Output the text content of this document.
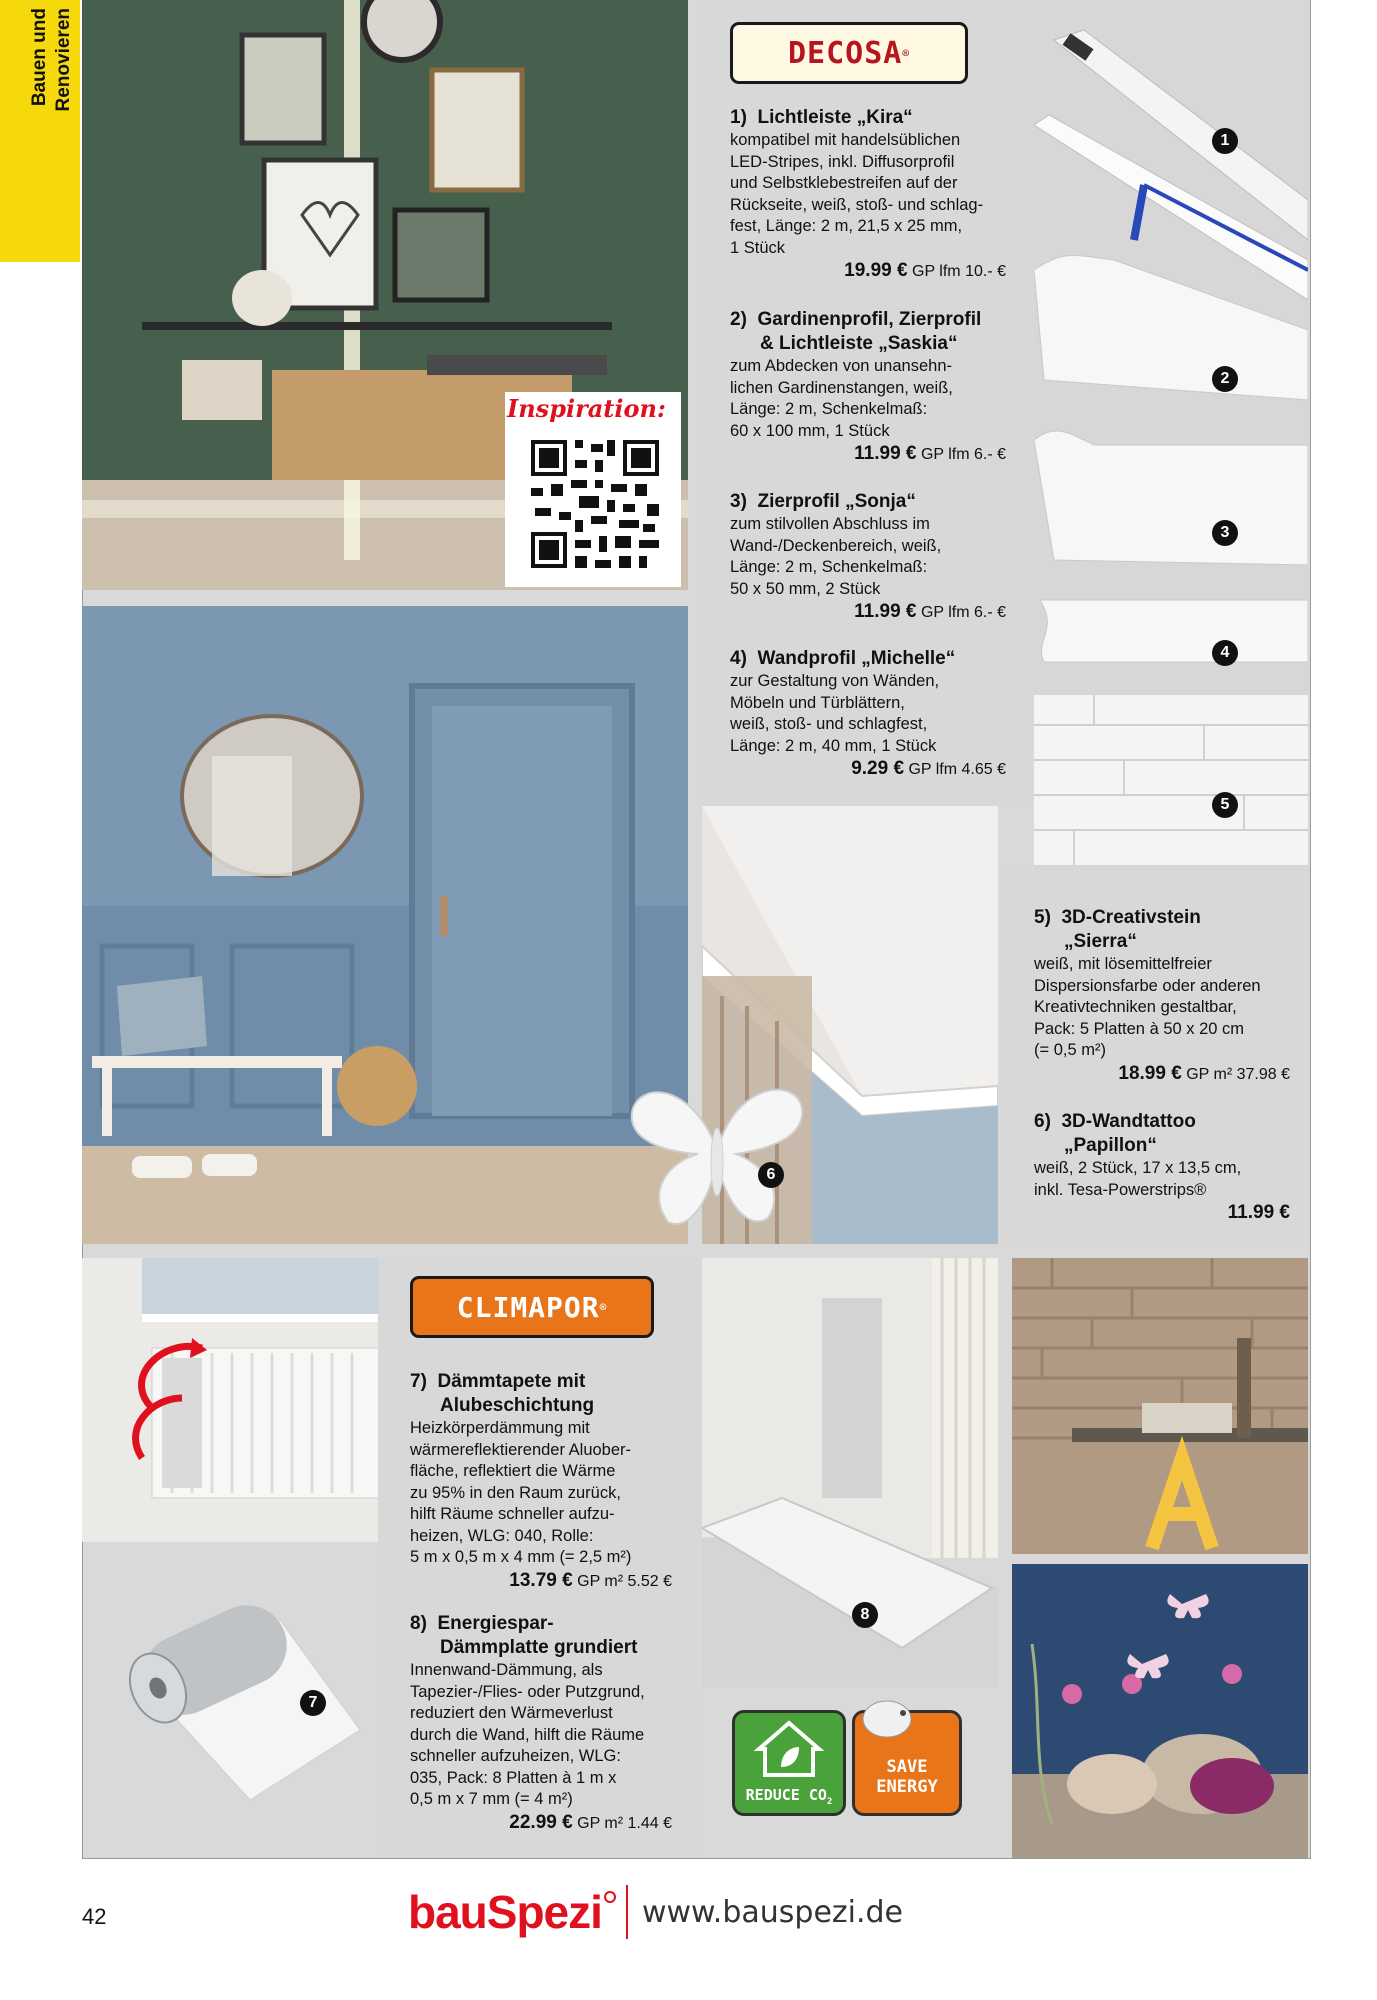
Renovieren
Bauen und
Inspiration:
DECOSA ®
1) Lichtleiste „Kira“
kompatibel mit handelsüblichen
LED-Stripes, inkl. Diffusorprofil
und Selbstklebestreifen auf der
Rückseite, weiß, stoß- und schlag-
fest, Länge: 2 m, 21,5 x 25 mm,
1 Stück
19.99 € GP lfm 10.- €
2) Gardinenprofil, Zierprofil
& Lichtleiste „Saskia“
zum Abdecken von unansehn-
lichen Gardinenstangen, weiß,
Länge: 2 m, Schenkelmaß:
60 x 100 mm, 1 Stück
11.99 € GP lfm 6.- €
3) Zierprofil „Sonja“
zum stilvollen Abschluss im
Wand-/Deckenbereich, weiß,
Länge: 2 m, Schenkelmaß:
50 x 50 mm, 2 Stück
11.99 € GP lfm 6.- €
4) Wandprofil „Michelle“
zur Gestaltung von Wänden,
Möbeln und Türblättern,
weiß, stoß- und schlagfest,
Länge: 2 m, 40 mm, 1 Stück
9.29 € GP lfm 4.65 €
5) 3D-Creativstein
„Sierra“
weiß, mit lösemittelfreier
Dispersionsfarbe oder anderen
Kreativtechniken gestaltbar,
Pack: 5 Platten à 50 x 20 cm
(= 0,5 m²)
18.99 € GP m² 37.98 €
6) 3D-Wandtattoo
„Papillon“
weiß, 2 Stück, 17 x 13,5 cm,
inkl. Tesa-Powerstrips®
11.99 €
CLIMAPOR ®
7) Dämmtapete mit
Alubeschichtung
Heizkörperdämmung mit
wärmereflektierender Aluober-
fläche, reflektiert die Wärme
zu 95% in den Raum zurück,
hilft Räume schneller aufzu-
heizen, WLG: 040, Rolle:
5 m x 0,5 m x 4 mm (= 2,5 m²)
13.79 € GP m² 5.52 €
8) Energiespar-
Dämmplatte grundiert
Innenwand-Dämmung, als
Tapezier-/Flies- oder Putzgrund,
reduziert den Wärmeverlust
durch die Wand, hilft die Räume
schneller aufzuheizen, WLG:
035, Pack: 8 Platten à 1 m x
0,5 m x 7 mm (= 4 m²)
22.99 € GP m² 1.44 €
REDUCE $CO_2$
SAVE
ENERGY
1
2
3
4
5
6
7
8
42	bauSpezi www.bauspezi.de
